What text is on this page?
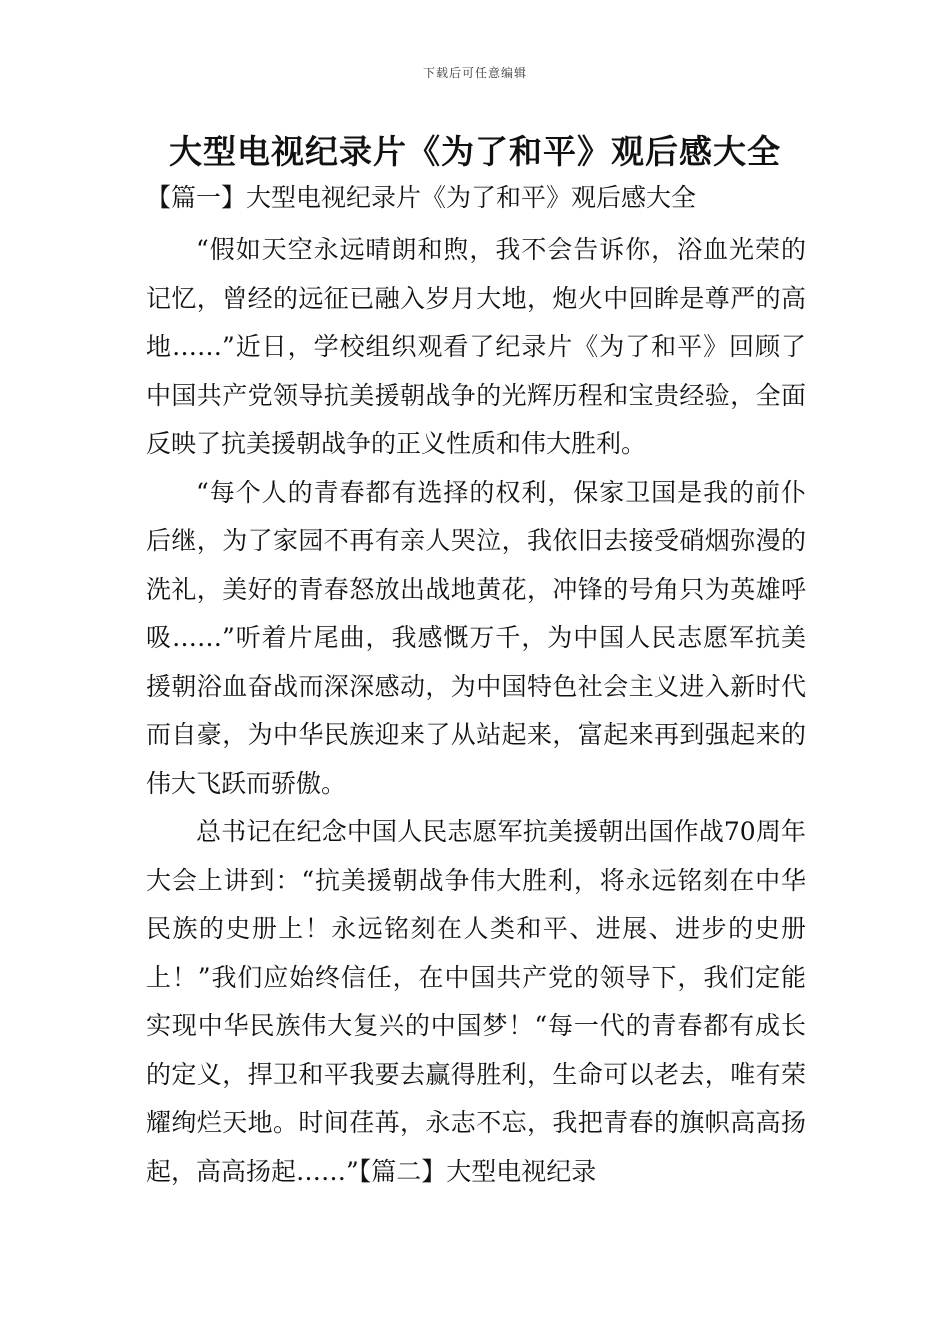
下载后可任意编辑
大型电视纪录片《为了和平》观后感大全
【篇一】大型电视纪录片《为了和平》观后感大全

“假如天空永远晴朗和煦，我不会告诉你，浴血光荣的记忆，曾经的远征已融入岁月大地，炮火中回眸是尊严的高地……”近日，学校组织观看了纪录片《为了和平》回顾了中国共产党领导抗美援朝战争的光辉历程和宝贵经验，全面反映了抗美援朝战争的正义性质和伟大胜利。

“每个人的青春都有选择的权利，保家卫国是我的前仆后继，为了家园不再有亲人哭泣，我依旧去接受硝烟弥漫的洗礼，美好的青春怒放出战地黄花，冲锋的号角只为英雄呼吸……”听着片尾曲，我感慨万千，为中国人民志愿军抗美援朝浴血奋战而深深感动，为中国特色社会主义进入新时代而自豪，为中华民族迎来了从站起来，富起来再到强起来的伟大飞跃而骄傲。

总书记在纪念中国人民志愿军抗美援朝出国作战70周年大会上讲到：“抗美援朝战争伟大胜利，将永远铭刻在中华民族的史册上！永远铭刻在人类和平、进展、进步的史册上！”我们应始终信任，在中国共产党的领导下，我们定能实现中华民族伟大复兴的中国梦！“每一代的青春都有成长的定义，捍卫和平我要去赢得胜利，生命可以老去，唯有荣耀绚烂天地。时间荏苒，永志不忘，我把青春的旗帜高高扬起，高高扬起……”【篇二】大型电视纪录
